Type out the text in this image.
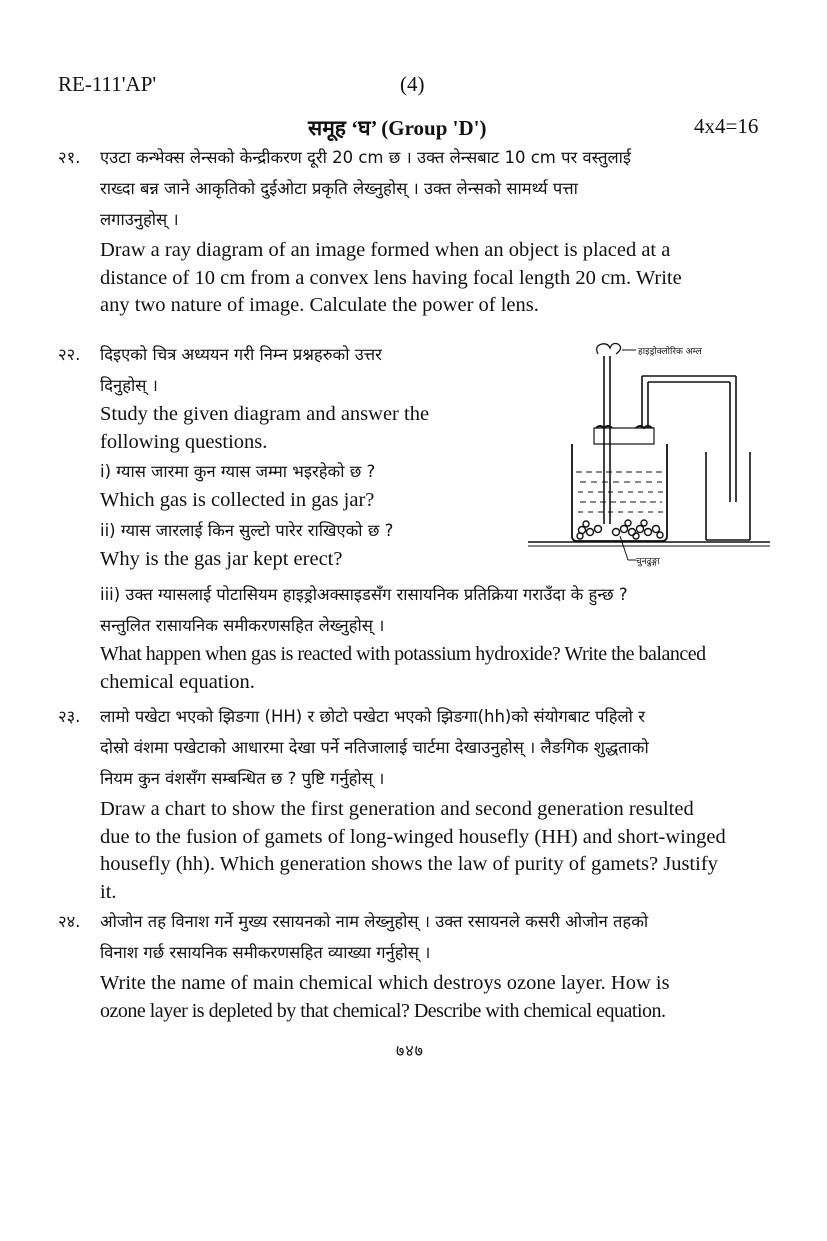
RE-111'AP'	(4)
समूह ‘घ’ (Group 'D')	4x4=16
२१. एउटा कन्भेक्स लेन्सको केन्द्रीकरण दूरी 20 cm छ । उक्त लेन्सबाट 10 cm पर वस्तुलाई
राख्दा बन्न जाने आकृतिको दुईओटा प्रकृति लेख्नुहोस् । उक्त लेन्सको सामर्थ्य पत्ता
लगाउनुहोस् ।
Draw a ray diagram of an image formed when an object is placed at a
distance of 10 cm from a convex lens having focal length 20 cm. Write
any two nature of image. Calculate the power of lens.
२२. दिइएको चित्र अध्ययन गरी निम्न प्रश्नहरुको उत्तर
दिनुहोस् ।
Study the given diagram and answer the
following questions.
i) ग्यास जारमा कुन ग्यास जम्मा भइरहेको छ ?
Which gas is collected in gas jar?
ii) ग्यास जारलाई किन सुल्टो पारेर राखिएको छ ?
Why is the gas jar kept erect?
iii) उक्त ग्यासलाई पोटासियम हाइड्रोअक्साइडसँग रासायनिक प्रतिक्रिया गराउँदा के हुन्छ ?
सन्तुलित रासायनिक समीकरणसहित लेख्नुहोस् ।
What happen when gas is reacted with potassium hydroxide? Write the balanced
chemical equation.
हाइड्रोक्लोरिक अम्ल
चुनढुङ्गा
२३. लामो पखेटा भएको झिङगा (HH) र छोटो पखेटा भएको झिङगा(hh)को संयोगबाट पहिलो र
दोस्रो वंशमा पखेटाको आधारमा देखा पर्ने नतिजालाई चार्टमा देखाउनुहोस् । लैङगिक शुद्धताको
नियम कुन वंशसँग सम्बन्धित छ ? पुष्टि गर्नुहोस् ।
Draw a chart to show the first generation and second generation resulted
due to the fusion of gamets of long-winged housefly (HH) and short-winged
housefly (hh). Which generation shows the law of purity of gamets? Justify
it.
२४. ओजोन तह विनाश गर्ने मुख्य रसायनको नाम लेख्नुहोस् । उक्त रसायनले कसरी ओजोन तहको
विनाश गर्छ रसायनिक समीकरणसहित व्याख्या गर्नुहोस् ।
Write the name of main chemical which destroys ozone layer. How is
ozone layer is depleted by that chemical? Describe with chemical equation.
७४७
